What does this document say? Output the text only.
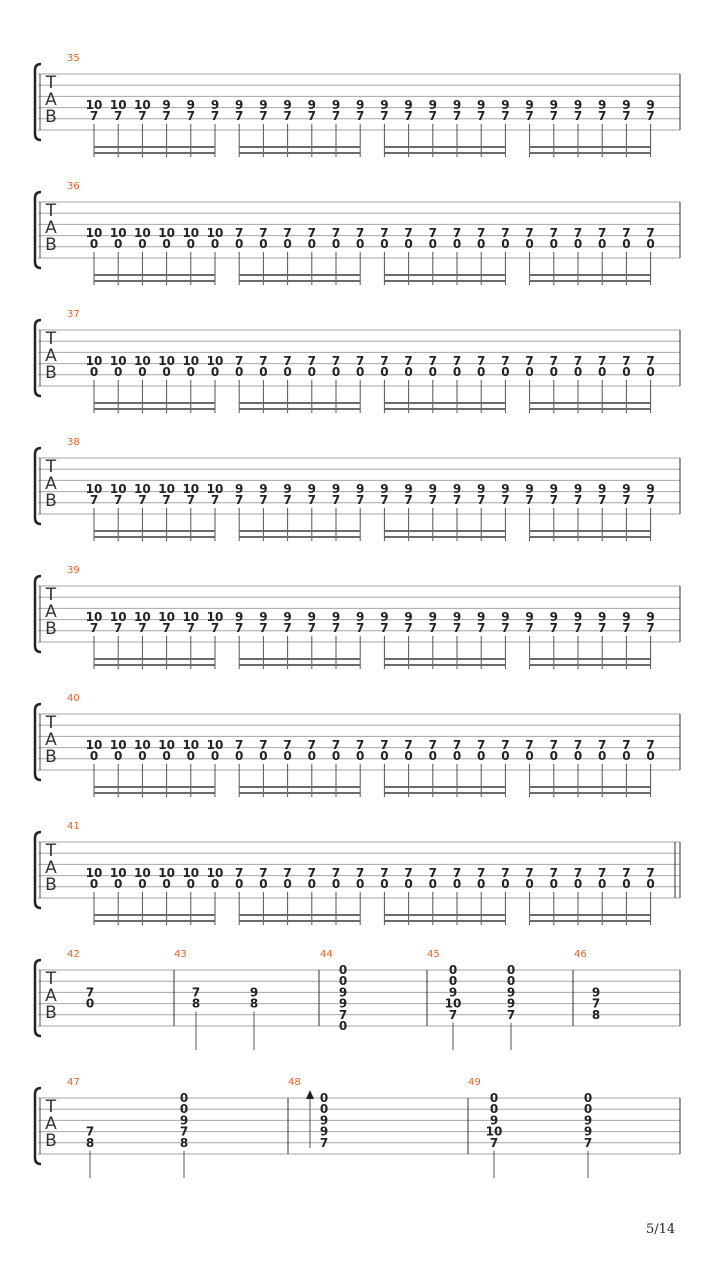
T
A
B
35
10
7
10
7
10
7
9
7
9
7
9
7
9
7
9
7
9
7
9
7
9
7
9
7
9
7
9
7
9
7
9
7
9
7
9
7
9
7
9
7
9
7
9
7
9
7
9
7
T
A
B
36
10
0
10
0
10
0
10
0
10
0
10
0
7
0
7
0
7
0
7
0
7
0
7
0
7
0
7
0
7
0
7
0
7
0
7
0
7
0
7
0
7
0
7
0
7
0
7
0
T
A
B
37
10
0
10
0
10
0
10
0
10
0
10
0
7
0
7
0
7
0
7
0
7
0
7
0
7
0
7
0
7
0
7
0
7
0
7
0
7
0
7
0
7
0
7
0
7
0
7
0
T
A
B
38
10
7
10
7
10
7
10
7
10
7
10
7
9
7
9
7
9
7
9
7
9
7
9
7
9
7
9
7
9
7
9
7
9
7
9
7
9
7
9
7
9
7
9
7
9
7
9
7
T
A
B
39
10
7
10
7
10
7
10
7
10
7
10
7
9
7
9
7
9
7
9
7
9
7
9
7
9
7
9
7
9
7
9
7
9
7
9
7
9
7
9
7
9
7
9
7
9
7
9
7
T
A
B
40
10
0
10
0
10
0
10
0
10
0
10
0
7
0
7
0
7
0
7
0
7
0
7
0
7
0
7
0
7
0
7
0
7
0
7
0
7
0
7
0
7
0
7
0
7
0
7
0
T
A
B
41
10
0
10
0
10
0
10
0
10
0
10
0
7
0
7
0
7
0
7
0
7
0
7
0
7
0
7
0
7
0
7
0
7
0
7
0
7
0
7
0
7
0
7
0
7
0
7
0
T
A
B
42
7
0
43
7
8
9
8
44
0
0
9
9
7
0
45
0
0
9
10
7
0
0
9
9
7
46
9
7
8
T
A
B
47
7
8
0
0
9
7
8
48
0
0
9
9
7
49
0
0
9
10
7
0
0
9
9
7
5/14
